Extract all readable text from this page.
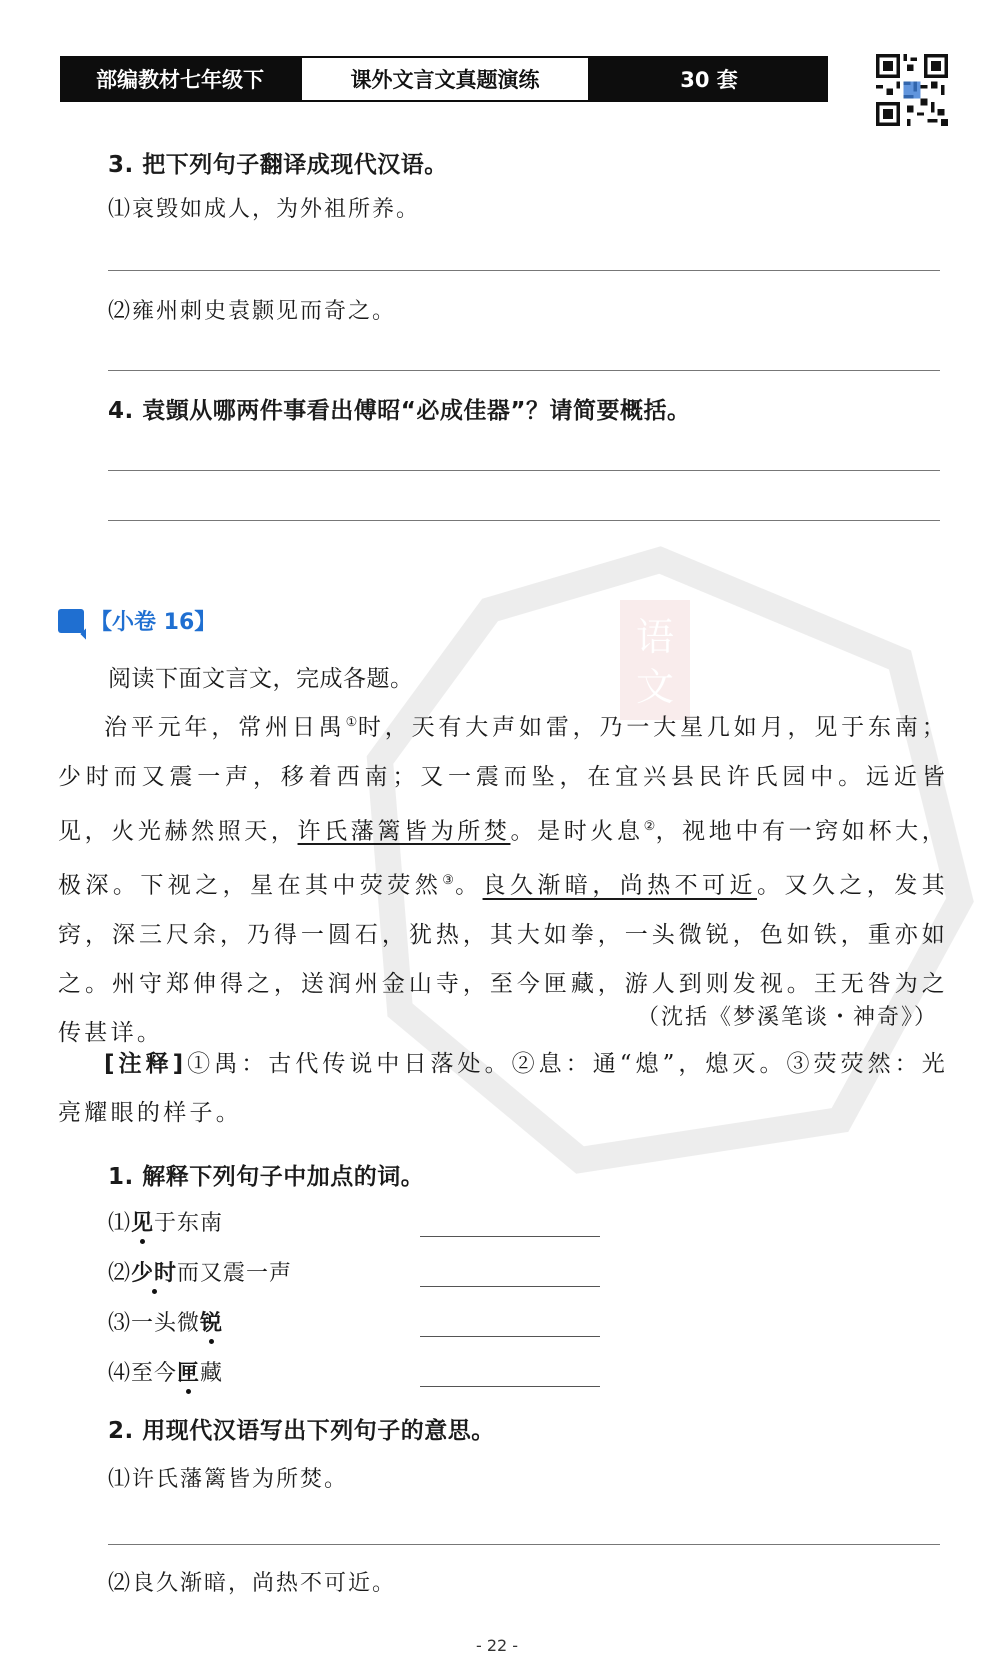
语
文
部编教材七年级下	课外文言文真题演练	30 套
3. 把下列句子翻译成现代汉语。
⑴哀毁如成人，为外祖所养。
⑵雍州刺史袁颢见而奇之。
4. 袁顗从哪两件事看出傅昭“必成佳器”？请简要概括。
【小卷 16】
阅读下面文言文，完成各题。
治平元年，常州日禺①时，天有大声如雷，乃一大星几如月，见于东南；少时而又震一声，移着西南；又一震而坠，在宜兴县民许氏园中。远近皆见，火光赫然照天，许氏藩篱皆为所焚。是时火息②，视地中有一窍如杯大，极深。下视之，星在其中荧荧然③。良久渐暗，尚热不可近。又久之，发其窍，深三尺余，乃得一圆石，犹热，其大如拳，一头微锐，色如铁，重亦如之。州守郑伸得之，送润州金山寺，至今匣藏，游人到则发视。王无咎为之传甚详。
（沈括《梦溪笔谈・神奇》）
[注释]①禺：古代传说中日落处。②息：通“熄”，熄灭。③荧荧然：光亮耀眼的样子。
1. 解释下列句子中加点的词。
⑴见于东南
⑵少时而又震一声
⑶一头微锐
⑷至今匣藏
2. 用现代汉语写出下列句子的意思。
⑴许氏藩篱皆为所焚。
⑵良久渐暗，尚热不可近。
- 22 -
